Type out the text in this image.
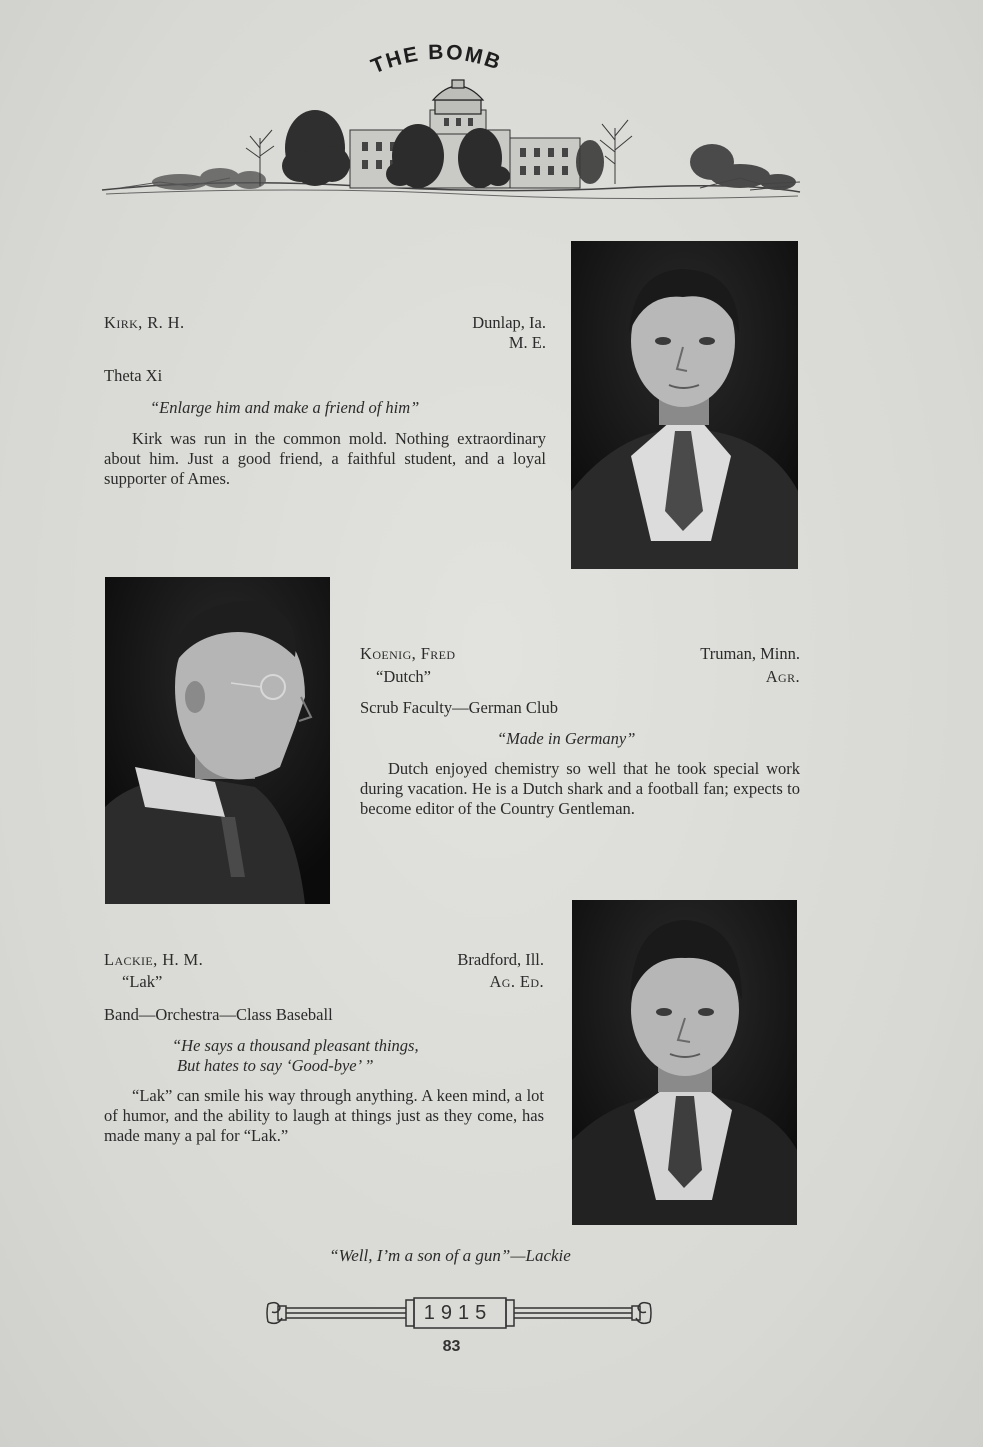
THE BOMB
Kirk, R. H.	Dunlap, Ia.
M. E.
Theta Xi
“Enlarge him and make a friend of him”
Kirk was run in the common mold. Nothing extraordinary about him. Just a good friend, a faithful student, and a loyal supporter of Ames.
Koenig, Fred	Truman, Minn.
“Dutch”	Agr.
Scrub Faculty—German Club
“Made in Germany”
Dutch enjoyed chemistry so well that he took special work during vacation. He is a Dutch shark and a football fan; expects to become editor of the Country Gentleman.
Lackie, H. M.	Bradford, Ill.
“Lak”	Ag. Ed.
Band—Orchestra—Class Baseball
“He says a thousand pleasant things,
But hates to say ‘Good-bye’ ”
“Lak” can smile his way through anything. A keen mind, a lot of humor, and the ability to laugh at things just as they come, has made many a pal for “Lak.”
“Well, I’m a son of a gun”—Lackie
1915
83
